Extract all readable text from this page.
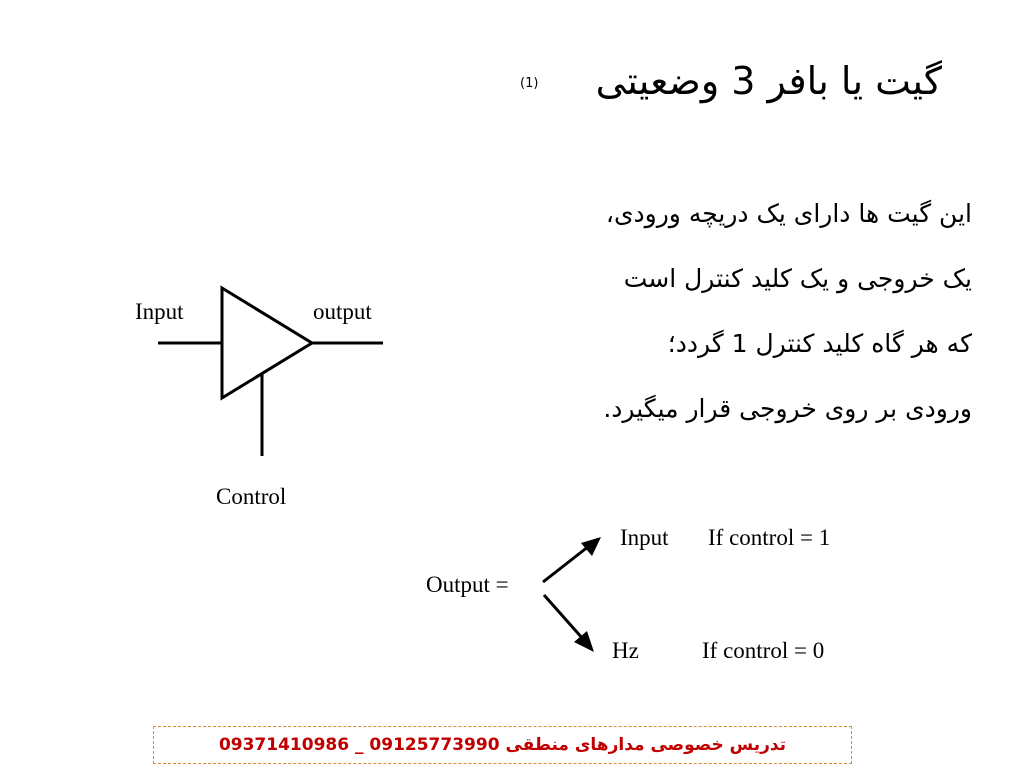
گیت یا بافر 3 وضعیتی
(1)
این گیت ها دارای یک دریچه ورودی،
یک خروجی و یک کلید کنترل است
که هر گاه کلید کنترل 1 گردد؛
ورودی بر روی خروجی قرار میگیرد.
Input	output
Control
Output =
Input If control = 1
Hz	If control = 0
تدریس خصوصی مدارهای منطقی 09125773990 _ 09371410986
